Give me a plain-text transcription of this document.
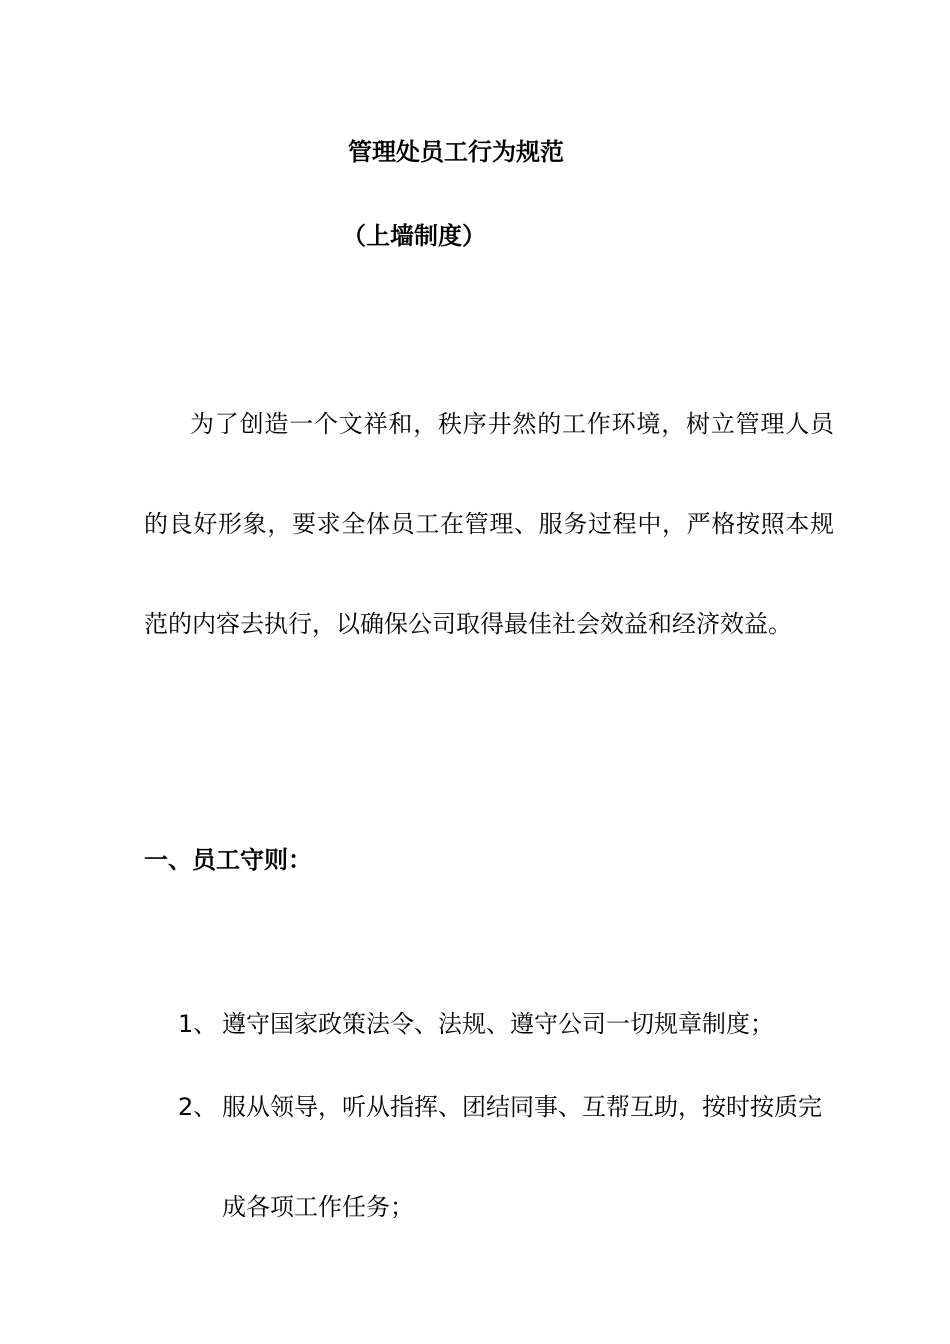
管理处员工行为规范
（上墙制度）

为了创造一个文祥和，秩序井然的工作环境，树立管理人员的良好形象，要求全体员工在管理、服务过程中，严格按照本规范的内容去执行，以确保公司取得最佳社会效益和经济效益。

一、员工守则：
1、 遵守国家政策法令、法规、遵守公司一切规章制度；
2、 服从领导，听从指挥、团结同事、互帮互助，按时按质完成各项工作任务；
